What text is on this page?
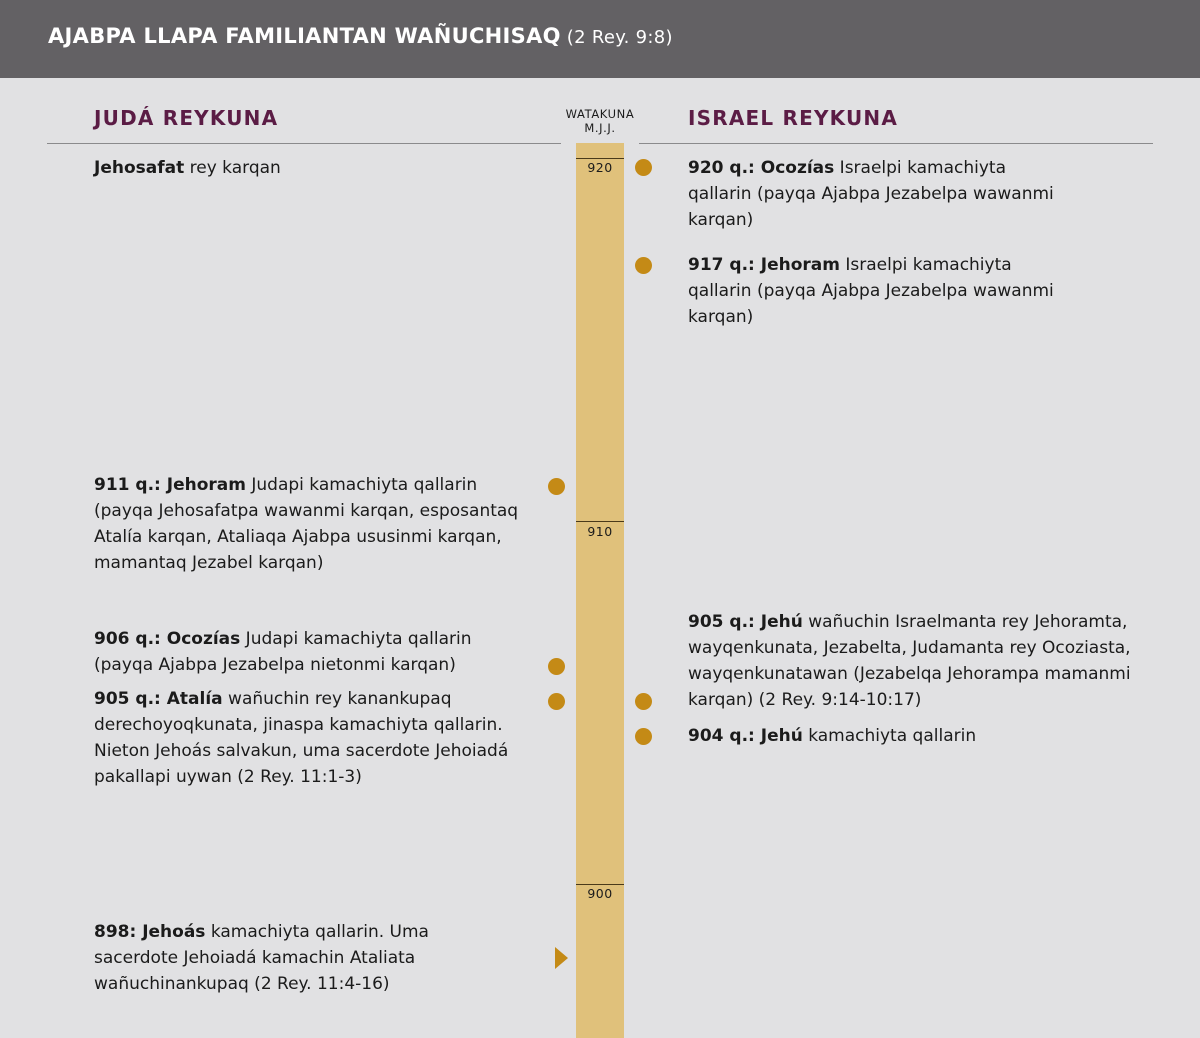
AJABPA LLAPA FAMILIANTAN WAÑUCHISAQ (2 Rey. 9:8)
JUDÁ REYKUNA	ISRAEL REYKUNA
WATAKUNA
M.J.J.
920
910
900
Jehosafat rey karqan
911 q.: Jehoram Judapi kamachiyta qallarin (payqa Jehosafatpa wawanmi karqan, esposantaq Atalía karqan, Ataliaqa Ajabpa ususinmi karqan, mamantaq Jezabel karqan)
906 q.: Ocozías Judapi kamachiyta qallarin (payqa Ajabpa Jezabelpa nietonmi karqan)
905 q.: Atalía wañuchin rey kanankupaq derechoyoqkunata, jinaspa kamachiyta qallarin. Nieton Jehoás salvakun, uma sacerdote Jehoiadá pakallapi uywan (2 Rey. 11:1-3)
898: Jehoás kamachiyta qallarin. Uma sacerdote Jehoiadá kamachin Ataliata wañuchinankupaq (2 Rey. 11:4-16)
920 q.: Ocozías Israelpi kamachiyta qallarin (payqa Ajabpa Jezabelpa wawanmi karqan)
917 q.: Jehoram Israelpi kamachiyta qallarin (payqa Ajabpa Jezabelpa wawanmi karqan)
905 q.: Jehú wañuchin Israelmanta rey Jehoramta, wayqenkunata, Jezabelta, Judamanta rey Ocoziasta, wayqenkunatawan (Jezabelqa Jehorampa mamanmi karqan) (2 Rey. 9:14-10:17)
904 q.: Jehú kamachiyta qallarin
